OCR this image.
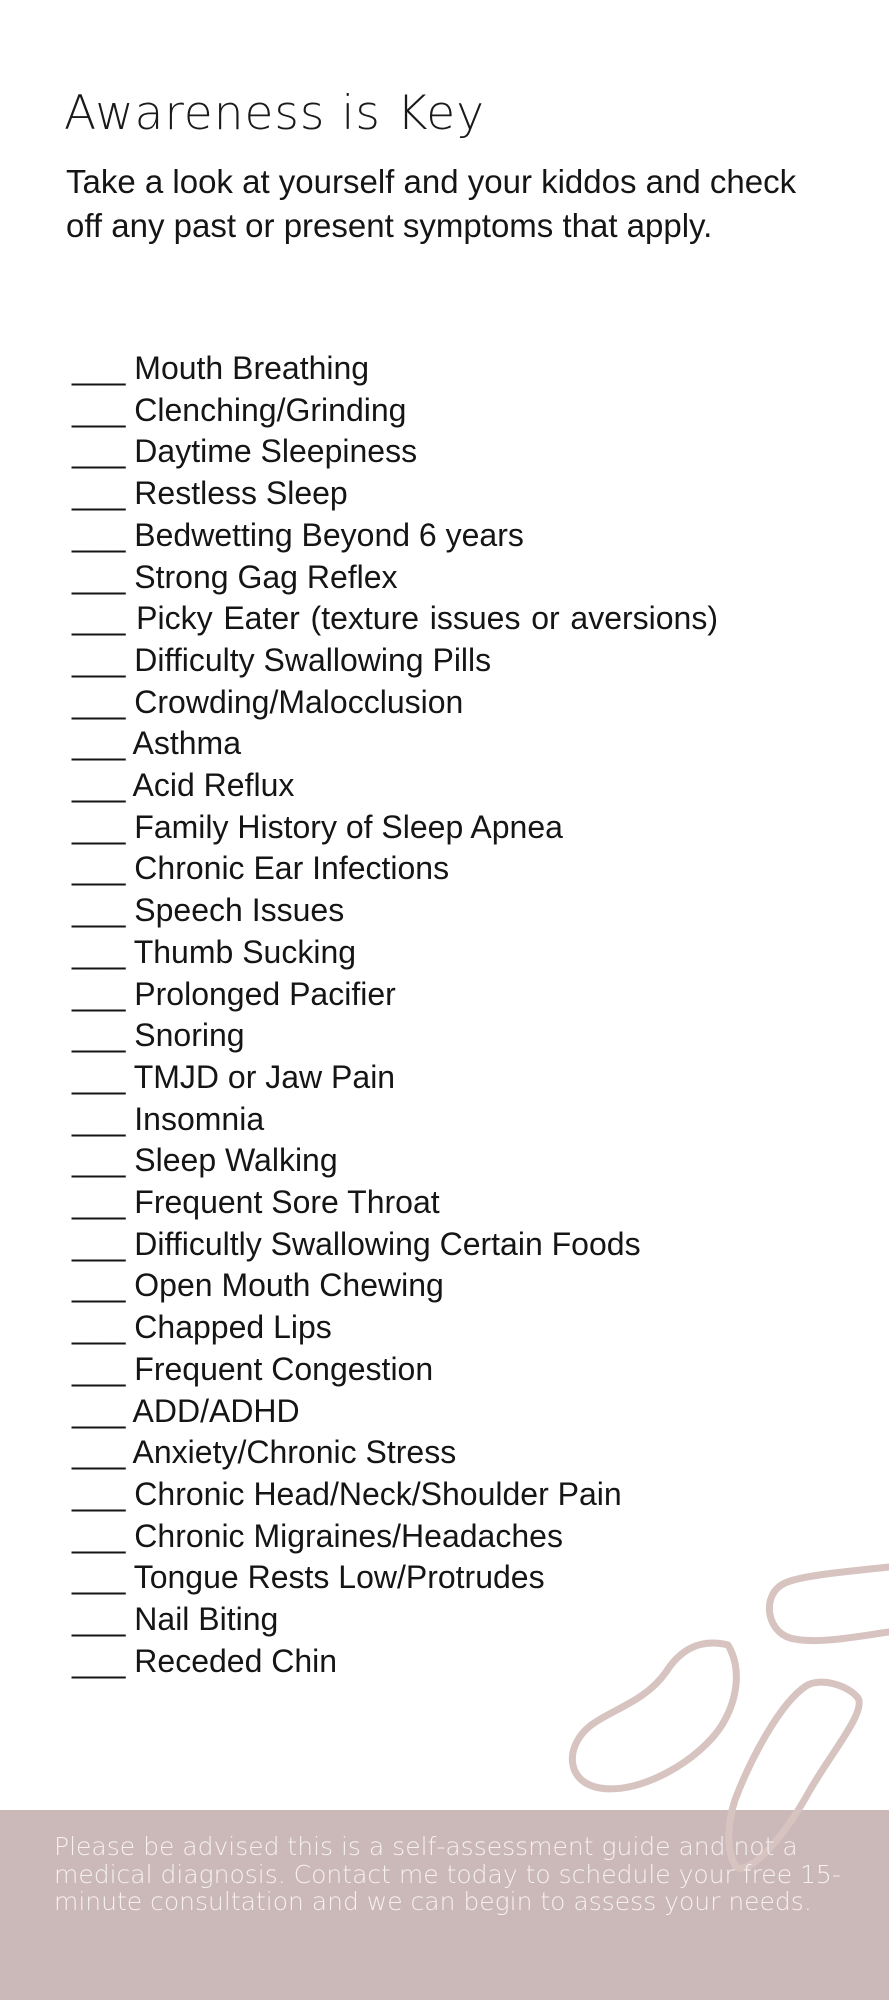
Awareness is Key

Take a look at yourself and your kiddos and check off any past or present symptoms that apply.

___ Mouth Breathing
___ Clenching/Grinding
___ Daytime Sleepiness
___ Restless Sleep
___ Bedwetting Beyond 6 years
___ Strong Gag Reflex
___ Picky Eater (texture issues or aversions) ___ Difficulty Swallowing Pills
___ Crowding/Malocclusion
___ Asthma
___ Acid Reflux
___ Family History of Sleep Apnea
___ Chronic Ear Infections
___ Speech Issues
___ Thumb Sucking
___ Prolonged Pacifier
___ Snoring
___ TMJD or Jaw Pain
___ Insomnia
___ Sleep Walking
___ Frequent Sore Throat
___ Difficultly Swallowing Certain Foods
___ Open Mouth Chewing
___ Chapped Lips
___ Frequent Congestion
___ ADD/ADHD
___ Anxiety/Chronic Stress
___ Chronic Head/Neck/Shoulder Pain
___ Chronic Migraines/Headaches
___ Tongue Rests Low/Protrudes
___ Nail Biting
___ Receded Chin

Please be advised this is a self-assessment guide and not a medical diagnosis. Contact me today to schedule your free 15-minute consultation and we can begin to assess your needs.
